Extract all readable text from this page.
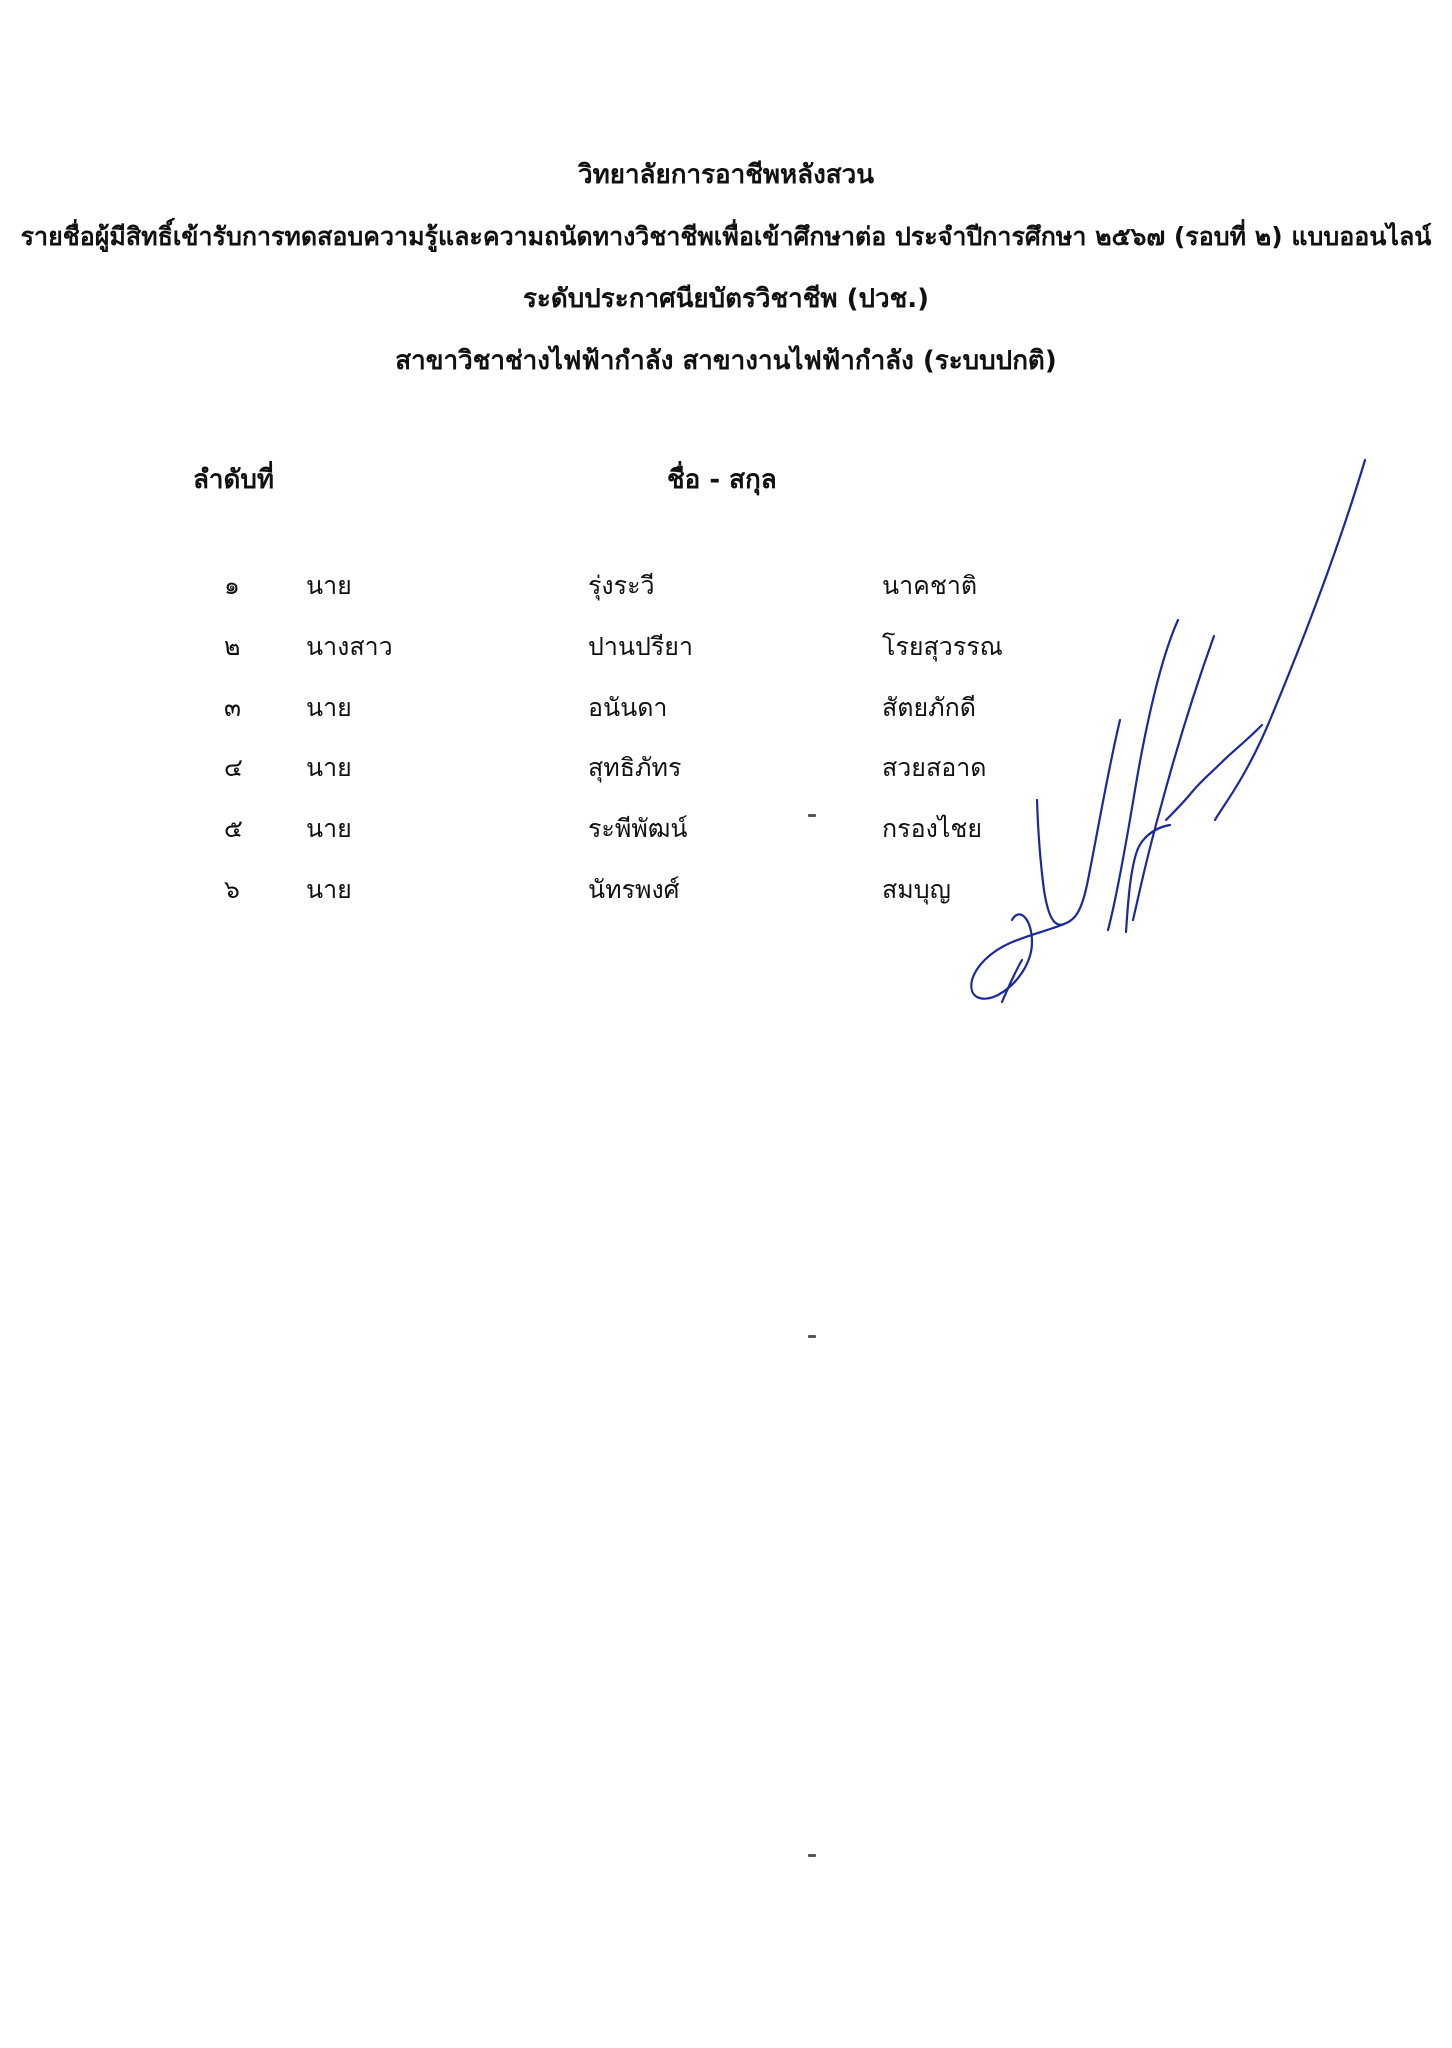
วิทยาลัยการอาชีพหลังสวน
รายชื่อผู้มีสิทธิ์เข้ารับการทดสอบความรู้และความถนัดทางวิชาชีพเพื่อเข้าศึกษาต่อ ประจำปีการศึกษา ๒๕๖๗ (รอบที่ ๒) แบบออนไลน์
ระดับประกาศนียบัตรวิชาชีพ (ปวช.)
สาขาวิชาช่างไฟฟ้ากำลัง สาขางานไฟฟ้ากำลัง (ระบบปกติ)
ลำดับที่	ชื่อ - สกุล
๑	นาย	รุ่งระวี	นาคชาติ
๒	นางสาว	ปานปรียา	โรยสุวรรณ
๓	นาย	อนันดา	สัตยภักดี
๔	นาย	สุทธิภัทร	สวยสอาด
๕	นาย	ระพีพัฒน์	กรองไชย
๖	นาย	นัทรพงศ์	สมบุญ
